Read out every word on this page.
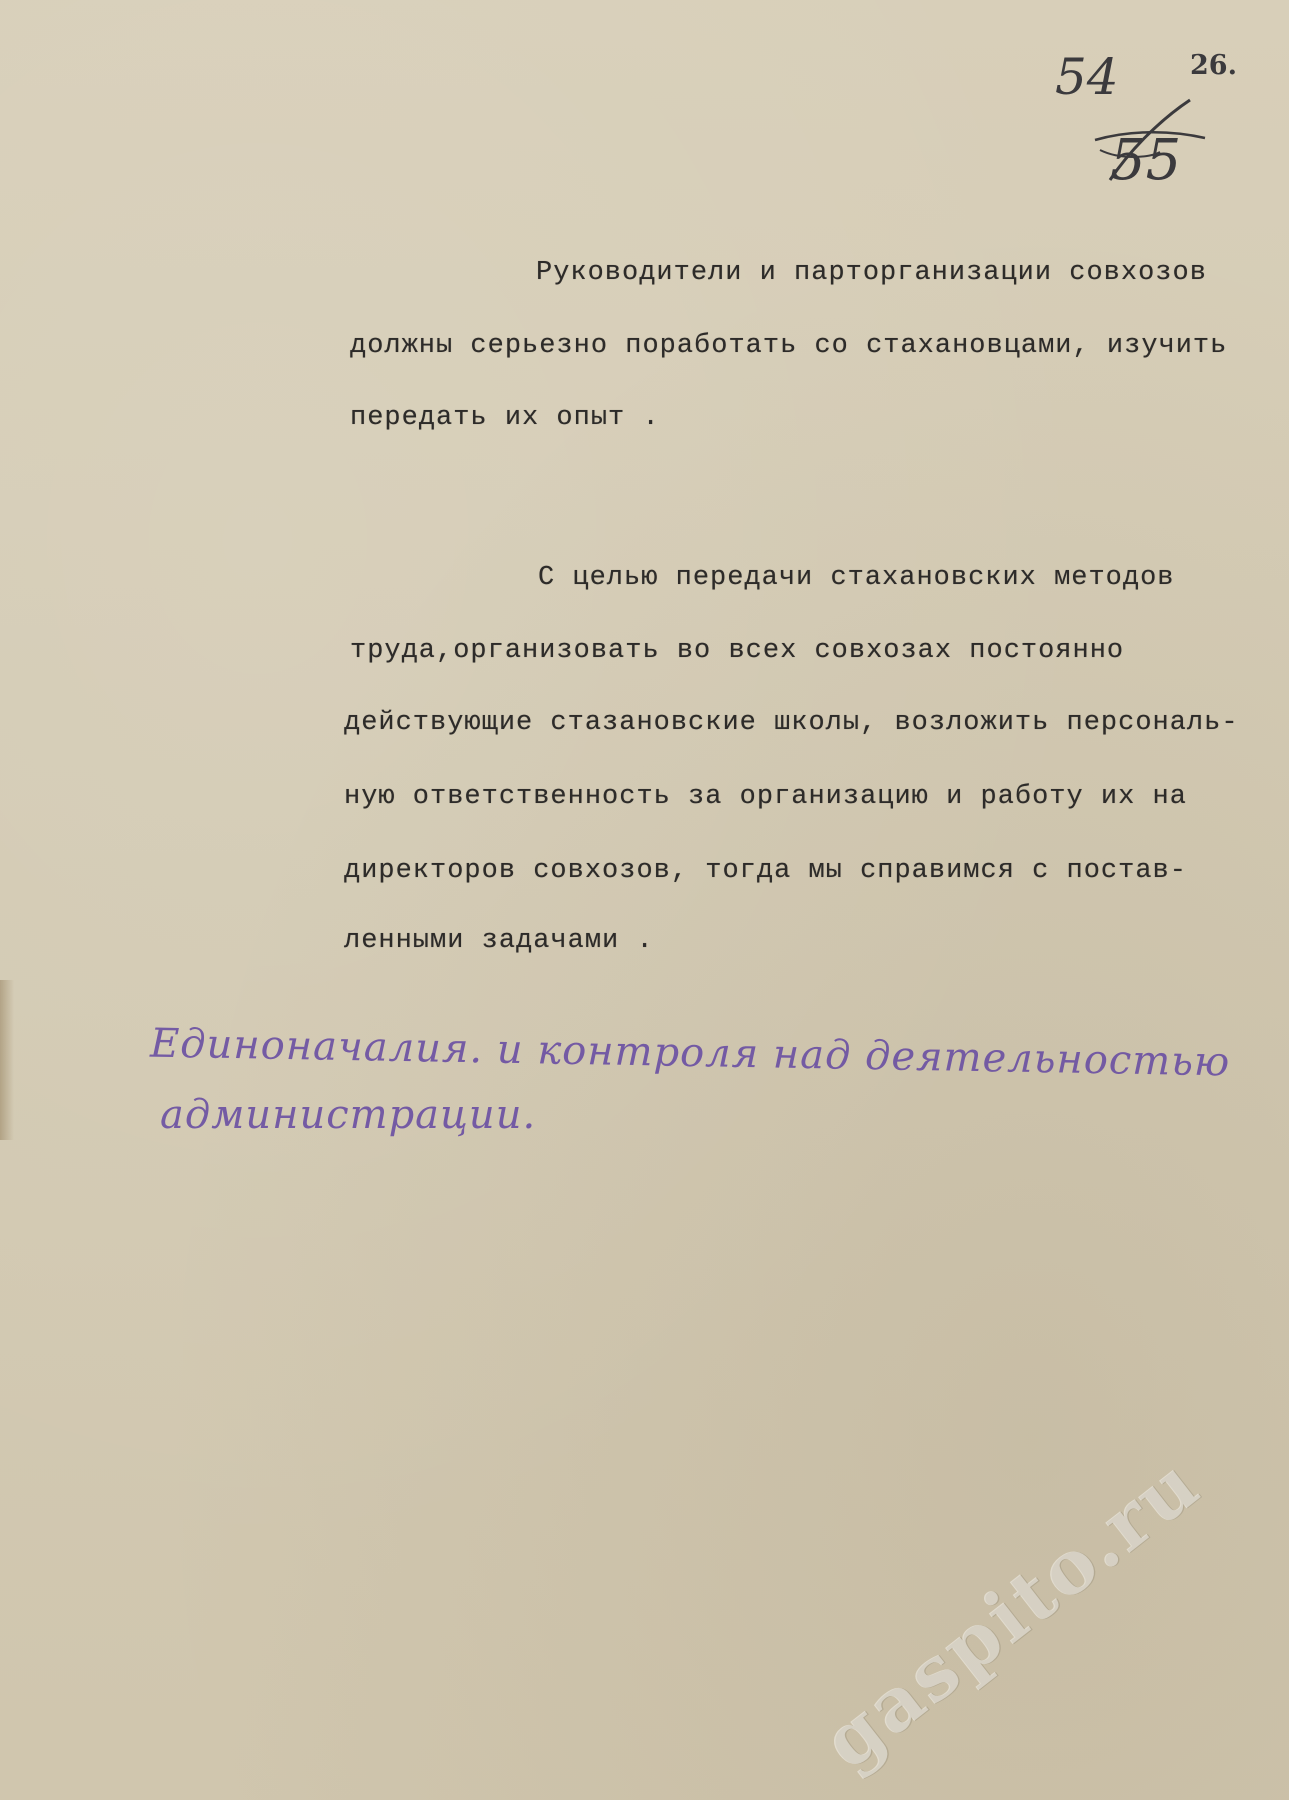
54	26.

55

Руководители и парторганизации совхозов

должны серьезно поработать со стахановцами, изучить

передать их опыт .

С целью передачи стахановских методов

труда,организовать во всех совхозах постоянно

действующие стазановские школы, возложить персональ-

ную ответственность за организацию и работу их на

директоров совхозов, тогда мы справимся с постав-

ленными задачами .

Единоначалия. и контроля над деятельностью

администрации.

gaspito.ru
